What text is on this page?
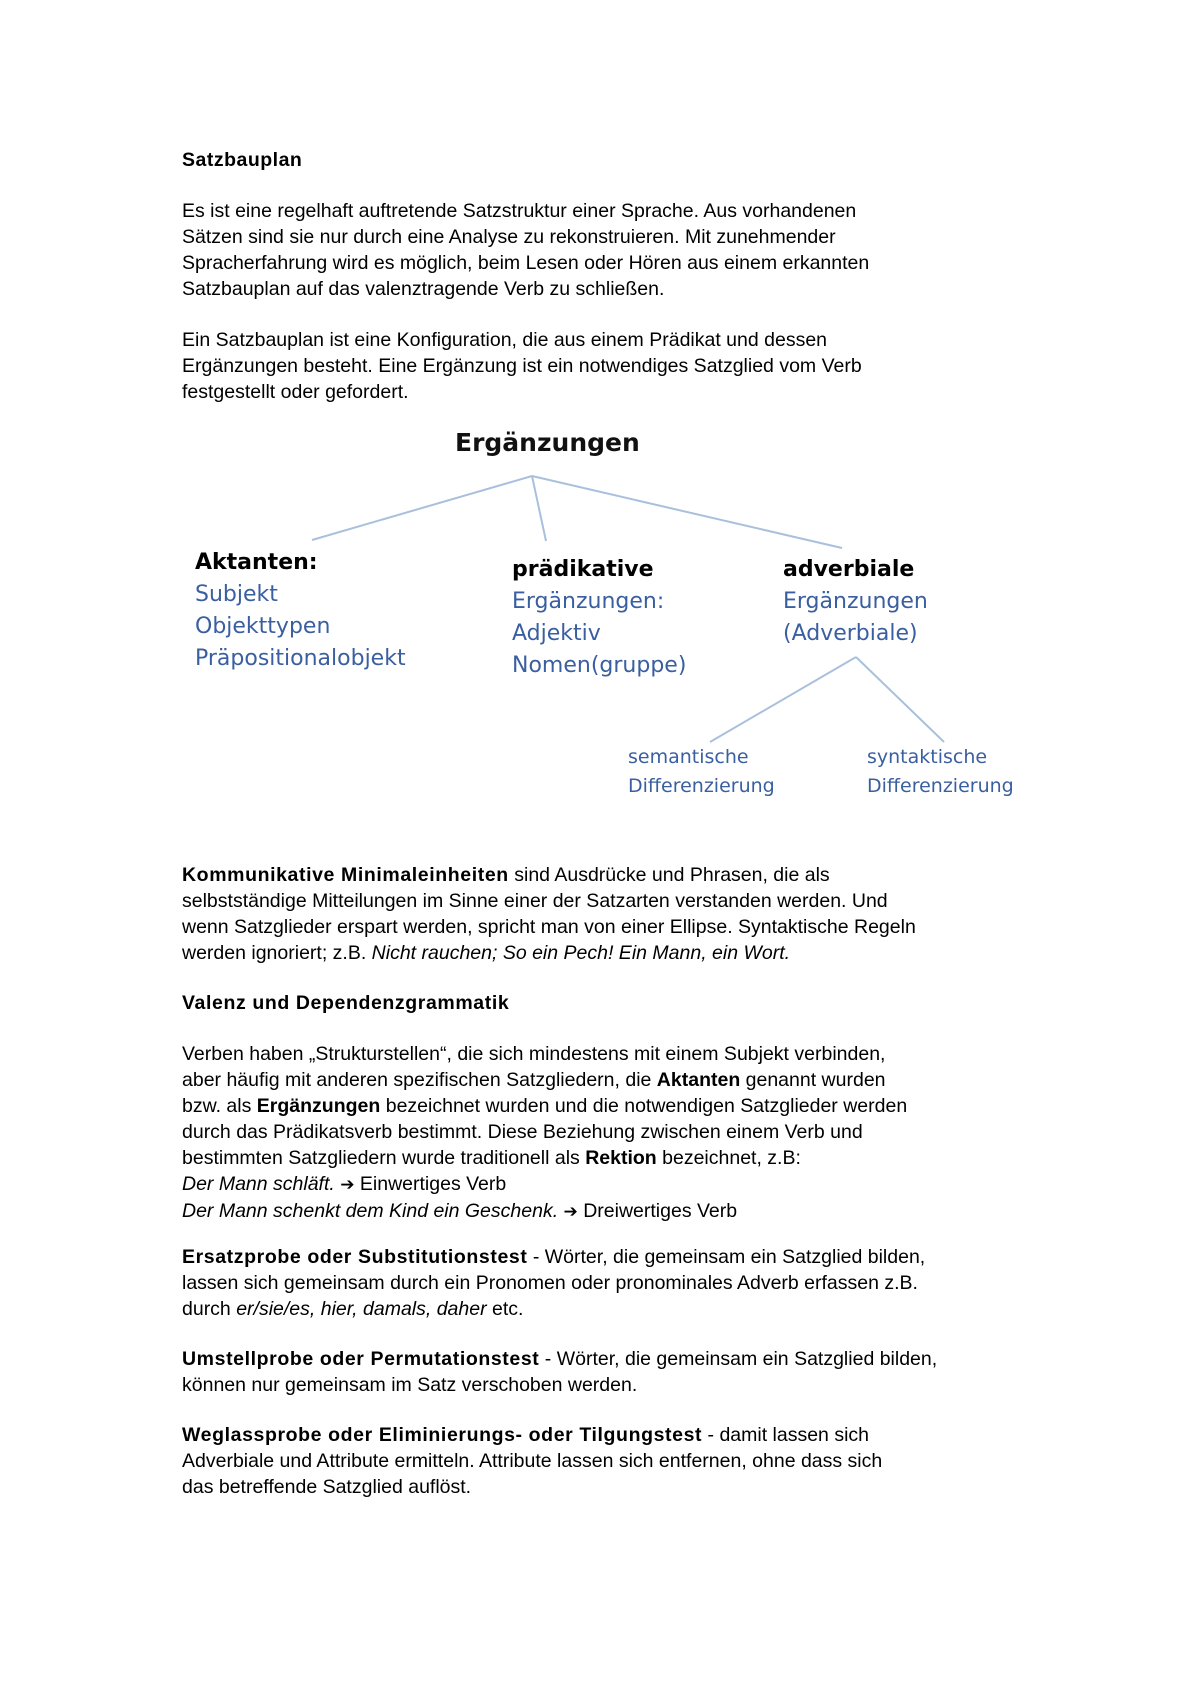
Satzbauplan

Es ist eine regelhaft auftretende Satzstruktur einer Sprache. Aus vorhandenen
Sätzen sind sie nur durch eine Analyse zu rekonstruieren. Mit zunehmender
Spracherfahrung wird es möglich, beim Lesen oder Hören aus einem erkannten
Satzbauplan auf das valenztragende Verb zu schließen.

Ein Satzbauplan ist eine Konfiguration, die aus einem Prädikat und dessen
Ergänzungen besteht. Eine Ergänzung ist ein notwendiges Satzglied vom Verb
festgestellt oder gefordert.

Ergänzungen
Aktanten:
Subjekt
Objekttypen
Präpositionalobjekt
prädikative
Ergänzungen:
Adjektiv
Nomen(gruppe)
adverbiale
Ergänzungen
(Adverbiale)
semantische
Differenzierung
syntaktische
Differenzierung

Kommunikative Minimaleinheiten sind Ausdrücke und Phrasen, die als
selbstständige Mitteilungen im Sinne einer der Satzarten verstanden werden. Und
wenn Satzglieder erspart werden, spricht man von einer Ellipse. Syntaktische Regeln
werden ignoriert; z.B. Nicht rauchen; So ein Pech! Ein Mann, ein Wort.

Valenz und Dependenzgrammatik

Verben haben „Strukturstellen“, die sich mindestens mit einem Subjekt verbinden,
aber häufig mit anderen spezifischen Satzgliedern, die Aktanten genannt wurden
bzw. als Ergänzungen bezeichnet wurden und die notwendigen Satzglieder werden
durch das Prädikatsverb bestimmt. Diese Beziehung zwischen einem Verb und
bestimmten Satzgliedern wurde traditionell als Rektion bezeichnet, z.B:

Der Mann schläft. ➔ Einwertiges Verb

Der Mann schenkt dem Kind ein Geschenk. ➔ Dreiwertiges Verb

Ersatzprobe oder Substitutionstest - Wörter, die gemeinsam ein Satzglied bilden,
lassen sich gemeinsam durch ein Pronomen oder pronominales Adverb erfassen z.B.
durch er/sie/es, hier, damals, daher etc.

Umstellprobe oder Permutationstest - Wörter, die gemeinsam ein Satzglied bilden,
können nur gemeinsam im Satz verschoben werden.

Weglassprobe oder Eliminierungs- oder Tilgungstest - damit lassen sich
Adverbiale und Attribute ermitteln. Attribute lassen sich entfernen, ohne dass sich
das betreffende Satzglied auflöst.
